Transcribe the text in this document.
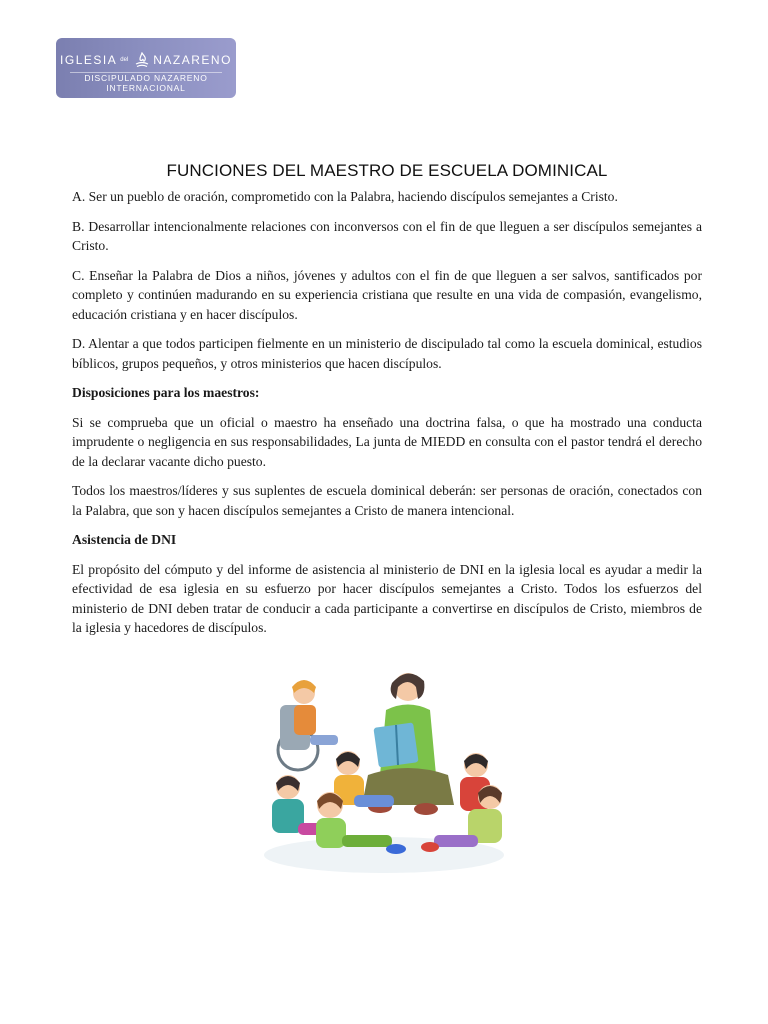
IGLESIA del NAZARENO
DISCIPULADO NAZARENO
INTERNACIONAL
FUNCIONES DEL MAESTRO DE ESCUELA DOMINICAL

A. Ser un pueblo de oración, comprometido con la Palabra, haciendo discípulos semejantes a Cristo.

B. Desarrollar intencionalmente relaciones con inconversos con el fin de que lleguen a ser discípulos semejantes a Cristo.

C. Enseñar la Palabra de Dios a niños, jóvenes y adultos con el fin de que lleguen a ser salvos, santificados por completo y continúen madurando en su experiencia cristiana que resulte en una vida de compasión, evangelismo, educación cristiana y en hacer discípulos.

D. Alentar a que todos participen fielmente en un ministerio de discipulado tal como la escuela dominical, estudios bíblicos, grupos pequeños, y otros ministerios que hacen discípulos.

Disposiciones para los maestros:

Si se comprueba que un oficial o maestro ha enseñado una doctrina falsa, o que ha mostrado una conducta imprudente o negligencia en sus responsabilidades, La junta de MIEDD en consulta con el pastor tendrá el derecho de la declarar vacante dicho puesto.

Todos los maestros/líderes y sus suplentes de escuela dominical deberán: ser personas de oración, conectados con la Palabra, que son y hacen discípulos semejantes a Cristo de manera intencional.

Asistencia de DNI

El propósito del cómputo y del informe de asistencia al ministerio de DNI en la iglesia local es ayudar a medir la efectividad de esa iglesia en su esfuerzo por hacer discípulos semejantes a Cristo. Todos los esfuerzos del ministerio de DNI deben tratar de conducir a cada participante a convertirse en discípulos de Cristo, miembros de la iglesia y hacedores de discípulos.
